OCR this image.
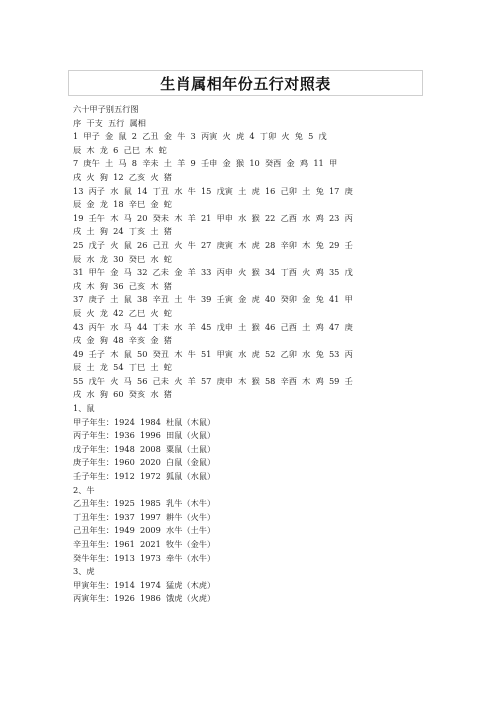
生肖属相年份五行对照表
六十甲子别五行图
序  干支  五行  属相
1  甲子  金  鼠  2  乙丑  金  牛  3  丙寅  火  虎  4  丁卯  火  兔  5  戊
辰  木  龙  6  己巳  木  蛇
7  庚午  土  马  8  辛未  土  羊  9  壬申  金  猴  10  癸酉  金  鸡  11  甲
戌  火  狗  12  乙亥  火  猪
13  丙子  水  鼠  14  丁丑  水  牛  15  戊寅  土  虎  16  己卯  土  兔  17  庚
辰  金  龙  18  辛巳  金  蛇
19  壬午  木  马  20  癸未  木  羊  21  甲申  水  猴  22  乙酉  水  鸡  23  丙
戌  土  狗  24  丁亥  土  猪
25  戊子  火  鼠  26  己丑  火  牛  27  庚寅  木  虎  28  辛卯  木  兔  29  壬
辰  水  龙  30  癸巳  水  蛇
31  甲午  金  马  32  乙未  金  羊  33  丙申  火  猴  34  丁酉  火  鸡  35  戊
戌  木  狗  36  己亥  木  猪
37  庚子  土  鼠  38  辛丑  土  牛  39  壬寅  金  虎  40  癸卯  金  兔  41  甲
辰  火  龙  42  乙巳  火  蛇
43  丙午  水  马  44  丁未  水  羊  45  戊申  土  猴  46  己酉  土  鸡  47  庚
戌  金  狗  48  辛亥  金  猪
49  壬子  木  鼠  50  癸丑  木  牛  51  甲寅  水  虎  52  乙卯  水  兔  53  丙
辰  土  龙  54  丁巳  土  蛇
55  戊午  火  马  56  己未  火  羊  57  庚申  木  猴  58  辛酉  木  鸡  59  壬
戌  水  狗  60  癸亥  水  猪
1、鼠
甲子年生：1924  1984  杜鼠（木鼠）
丙子年生：1936  1996  田鼠（火鼠）
戊子年生：1948  2008  粟鼠（土鼠）
庚子年生：1960  2020  白鼠（金鼠）
壬子年生：1912  1972  狐鼠（水鼠）
2、牛
乙丑年生：1925  1985  乳牛（木牛）
丁丑年生：1937  1997  耕牛（火牛）
己丑年生：1949  2009  水牛（土牛）
辛丑年生：1961  2021  牧牛（金牛）
癸牛年生：1913  1973  牵牛（水牛）
3、虎
甲寅年生：1914  1974  猛虎（木虎）
丙寅年生：1926  1986  饿虎（火虎）
